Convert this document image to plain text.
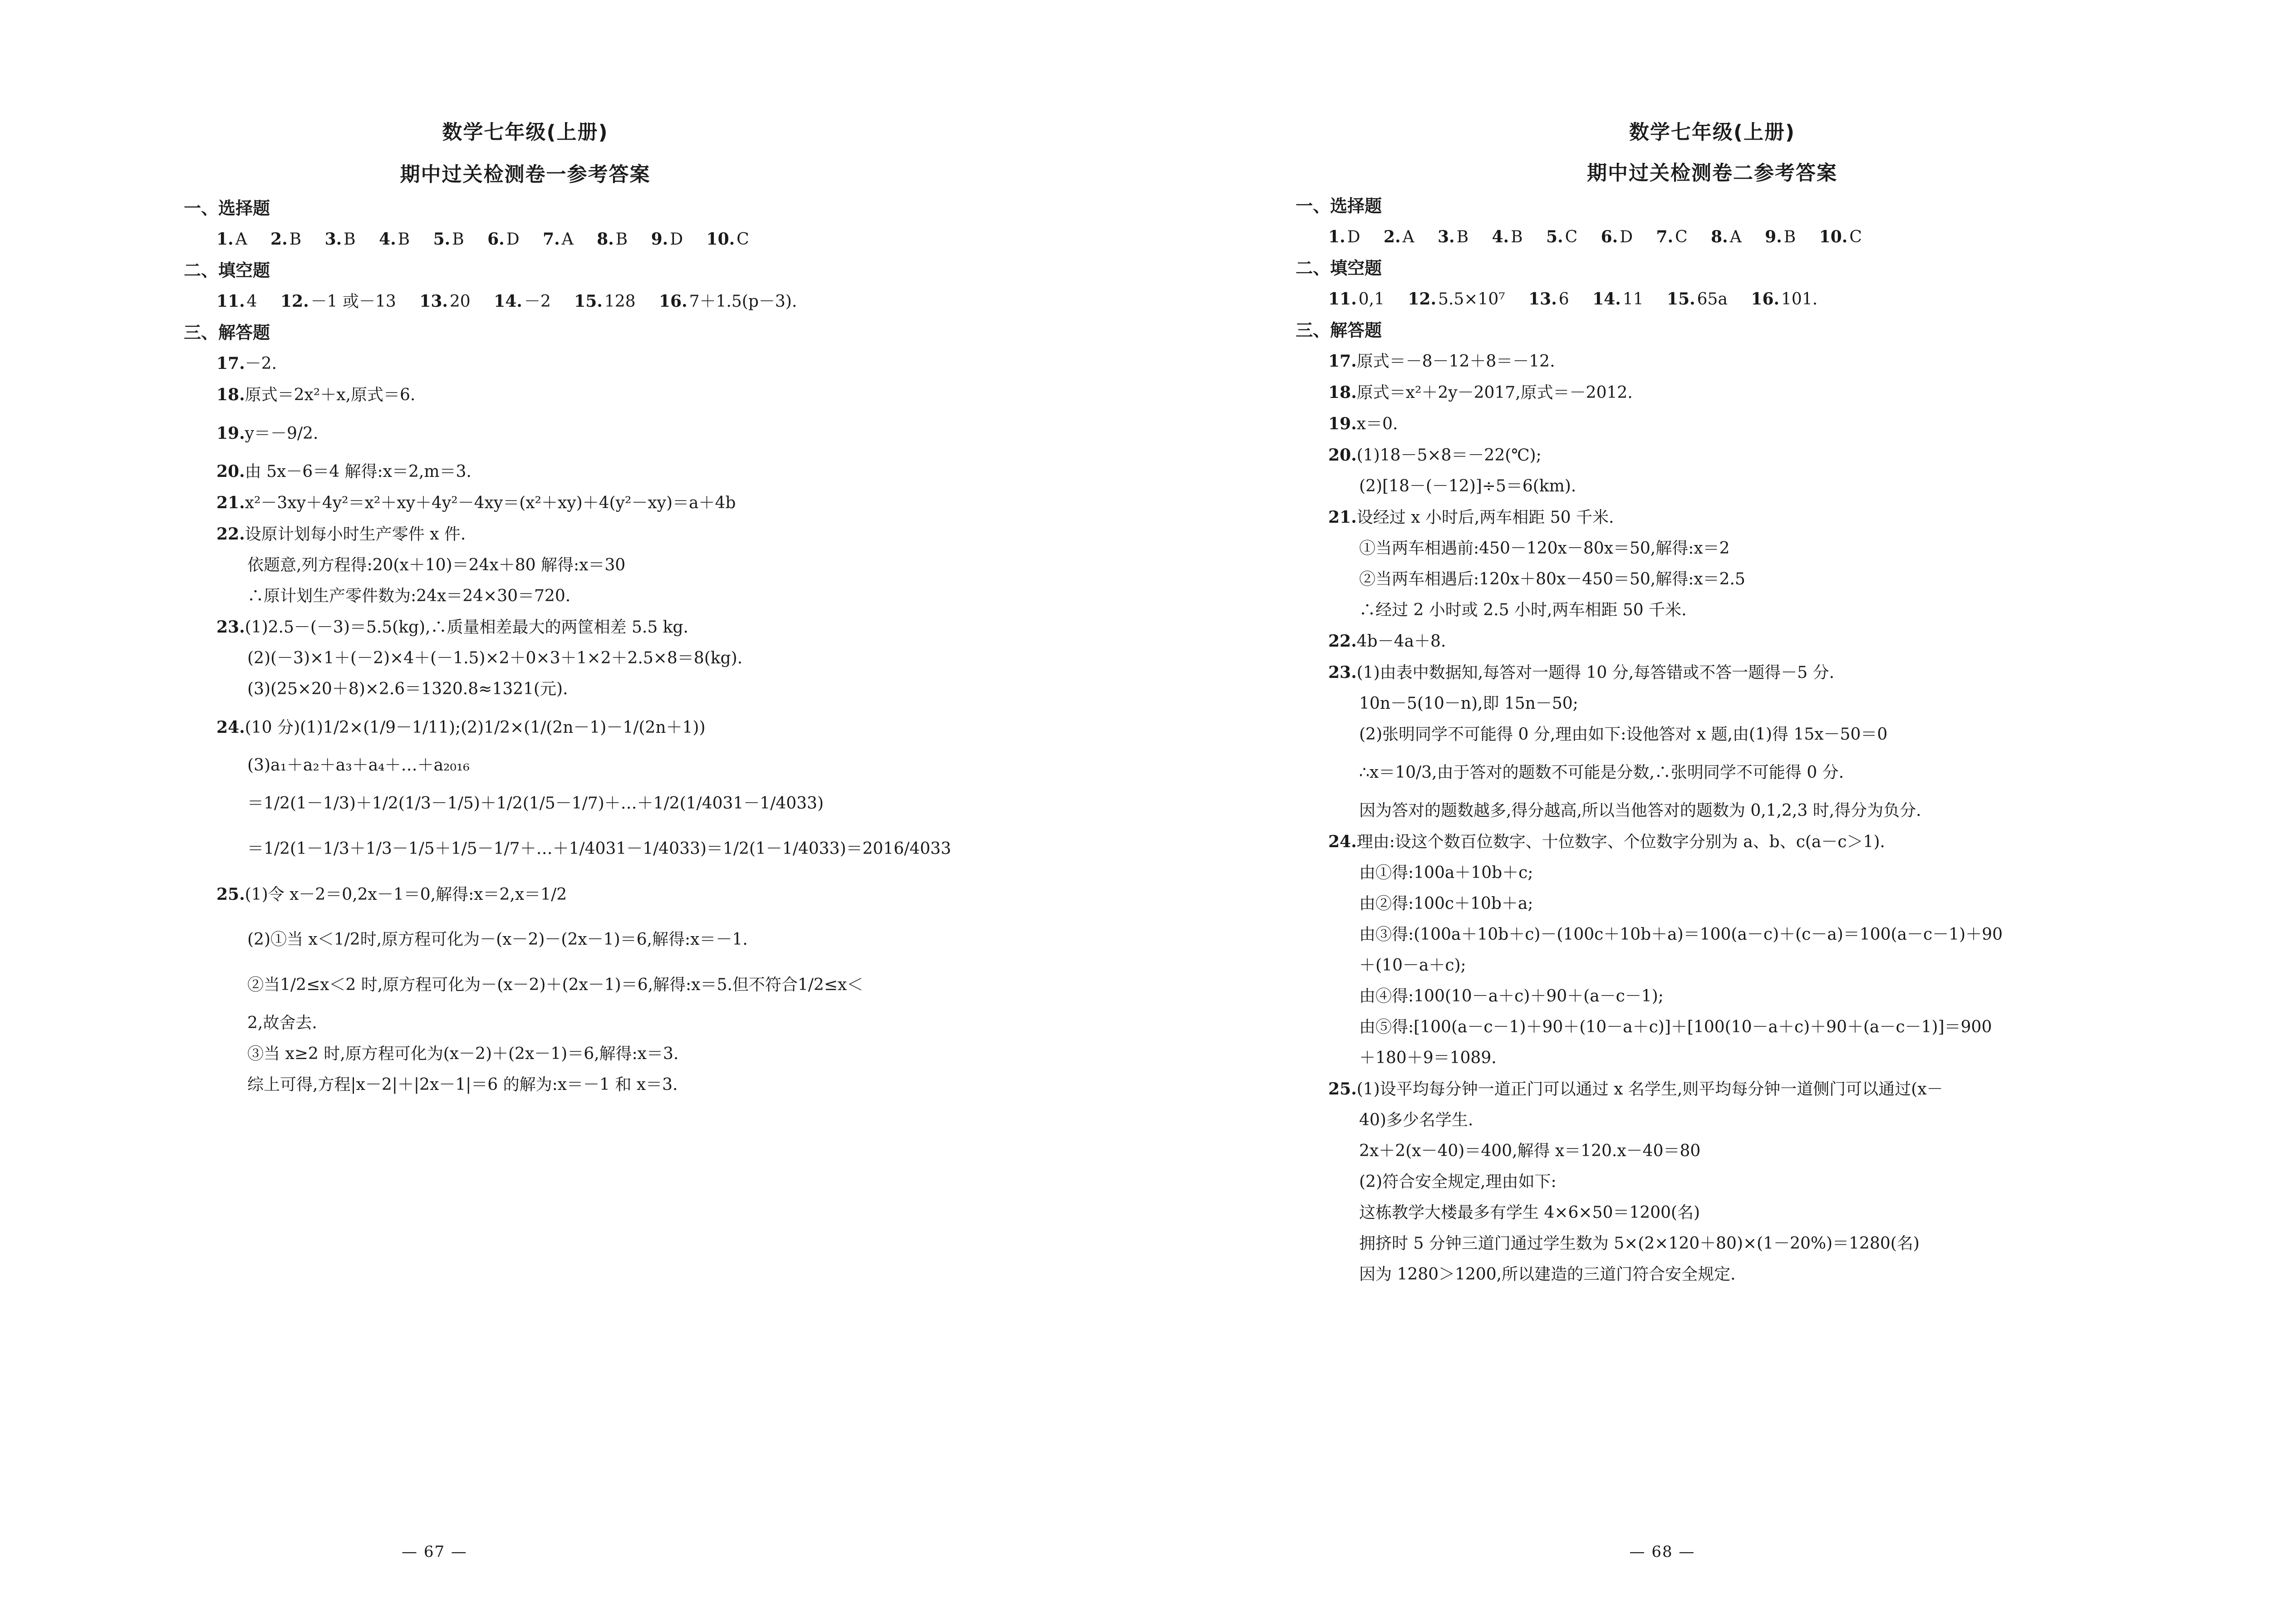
数学七年级(上册)
期中过关检测卷一参考答案
一、选择题
1. A 2. B 3. B 4. B 5. B 6. D 7. A 8. B 9. D 10. C
二、填空题
11. 4 12. －1 或－13 13. 20 14. －2 15. 128 16. 7＋1.5(p－3).
三、解答题
17.－2.
18.原式＝2x²＋x,原式＝6.
19.y＝－9/2.
20.由 5x－6＝4 解得:x＝2,m＝3.
21.x²－3xy＋4y²＝x²＋xy＋4y²－4xy＝(x²＋xy)＋4(y²－xy)＝a＋4b
22.设原计划每小时生产零件 x 件.
依题意,列方程得:20(x＋10)＝24x＋80 解得:x＝30
∴原计划生产零件数为:24x＝24×30＝720.
23.(1)2.5－(－3)＝5.5(kg),∴质量相差最大的两筐相差 5.5 kg.
(2)(－3)×1＋(－2)×4＋(－1.5)×2＋0×3＋1×2＋2.5×8＝8(kg).
(3)(25×20＋8)×2.6＝1320.8≈1321(元).
24.(10 分)(1)1/2×(1/9－1/11);(2)1/2×(1/(2n－1)－1/(2n＋1))
(3)a₁＋a₂＋a₃＋a₄＋…＋a₂₀₁₆
＝1/2(1－1/3)＋1/2(1/3－1/5)＋1/2(1/5－1/7)＋…＋1/2(1/4031－1/4033)
＝1/2(1－1/3＋1/3－1/5＋1/5－1/7＋…＋1/4031－1/4033)＝1/2(1－1/4033)＝2016/4033
25.(1)令 x－2＝0,2x－1＝0,解得:x＝2,x＝1/2
(2)①当 x＜1/2时,原方程可化为－(x－2)－(2x－1)＝6,解得:x＝－1.
②当1/2≤x＜2 时,原方程可化为－(x－2)＋(2x－1)＝6,解得:x＝5.但不符合1/2≤x＜
2,故舍去.
③当 x≥2 时,原方程可化为(x－2)＋(2x－1)＝6,解得:x＝3.
综上可得,方程|x－2|＋|2x－1|＝6 的解为:x＝－1 和 x＝3.
— 67 —
数学七年级(上册)
期中过关检测卷二参考答案
一、选择题
1. D 2. A 3. B 4. B 5. C 6. D 7. C 8. A 9. B 10. C
二、填空题
11. 0,1 12. 5.5×10⁷ 13. 6 14. 11 15. 65a 16. 101.
三、解答题
17.原式＝－8－12＋8＝－12.
18.原式＝x²＋2y－2017,原式＝－2012.
19.x＝0.
20.(1)18－5×8＝－22(℃);
(2)[18－(－12)]÷5＝6(km).
21.设经过 x 小时后,两车相距 50 千米.
①当两车相遇前:450－120x－80x＝50,解得:x＝2
②当两车相遇后:120x＋80x－450＝50,解得:x＝2.5
∴经过 2 小时或 2.5 小时,两车相距 50 千米.
22.4b－4a＋8.
23.(1)由表中数据知,每答对一题得 10 分,每答错或不答一题得－5 分.
10n－5(10－n),即 15n－50;
(2)张明同学不可能得 0 分,理由如下:设他答对 x 题,由(1)得 15x－50＝0
∴x＝10/3,由于答对的题数不可能是分数,∴张明同学不可能得 0 分.
因为答对的题数越多,得分越高,所以当他答对的题数为 0,1,2,3 时,得分为负分.
24.理由:设这个数百位数字、十位数字、个位数字分别为 a、b、c(a－c＞1).
由①得:100a＋10b＋c;
由②得:100c＋10b＋a;
由③得:(100a＋10b＋c)－(100c＋10b＋a)＝100(a－c)＋(c－a)＝100(a－c－1)＋90
＋(10－a＋c);
由④得:100(10－a＋c)＋90＋(a－c－1);
由⑤得:[100(a－c－1)＋90＋(10－a＋c)]＋[100(10－a＋c)＋90＋(a－c－1)]＝900
＋180＋9＝1089.
25.(1)设平均每分钟一道正门可以通过 x 名学生,则平均每分钟一道侧门可以通过(x－
40)多少名学生.
2x＋2(x－40)＝400,解得 x＝120.x－40＝80
(2)符合安全规定,理由如下:
这栋教学大楼最多有学生 4×6×50＝1200(名)
拥挤时 5 分钟三道门通过学生数为 5×(2×120＋80)×(1－20%)＝1280(名)
因为 1280＞1200,所以建造的三道门符合安全规定.
— 68 —
